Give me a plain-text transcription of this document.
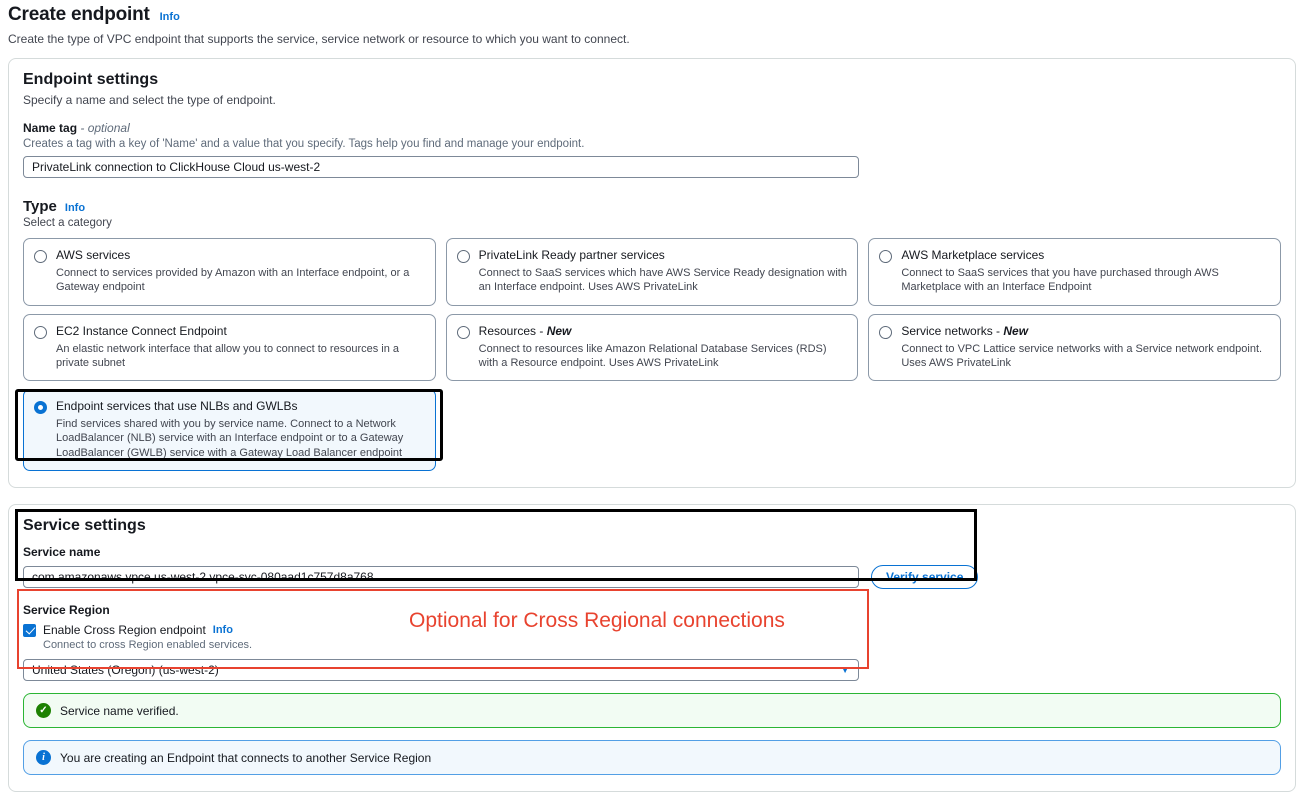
Create endpoint Info
Create the type of VPC endpoint that supports the service, service network or resource to which you want to connect.
Endpoint settings
Specify a name and select the type of endpoint.
Name tag - optional
Creates a tag with a key of 'Name' and a value that you specify. Tags help you find and manage your endpoint.
PrivateLink connection to ClickHouse Cloud us-west-2
Type Info
Select a category
AWS services
Connect to services provided by Amazon with an Interface endpoint, or a Gateway endpoint
PrivateLink Ready partner services
Connect to SaaS services which have AWS Service Ready designation with an Interface endpoint. Uses AWS PrivateLink
AWS Marketplace services
Connect to SaaS services that you have purchased through AWS Marketplace with an Interface Endpoint
EC2 Instance Connect Endpoint
An elastic network interface that allow you to connect to resources in a private subnet
Resources - New
Connect to resources like Amazon Relational Database Services (RDS) with a Resource endpoint. Uses AWS PrivateLink
Service networks - New
Connect to VPC Lattice service networks with a Service network endpoint. Uses AWS PrivateLink
Endpoint services that use NLBs and GWLBs
Find services shared with you by service name. Connect to a Network LoadBalancer (NLB) service with an Interface endpoint or to a Gateway LoadBalancer (GWLB) service with a Gateway Load Balancer endpoint
Service settings
Service name
com.amazonaws.vpce.us-west-2.vpce-svc-080aad1c757d8a768	Verify service
Service Region
Enable Cross Region endpoint Info
Connect to cross Region enabled services.
United States (Oregon) (us-west-2)	▼
Optional for Cross Regional connections
✓ Service name verified.
i	You are creating an Endpoint that connects to another Service Region
